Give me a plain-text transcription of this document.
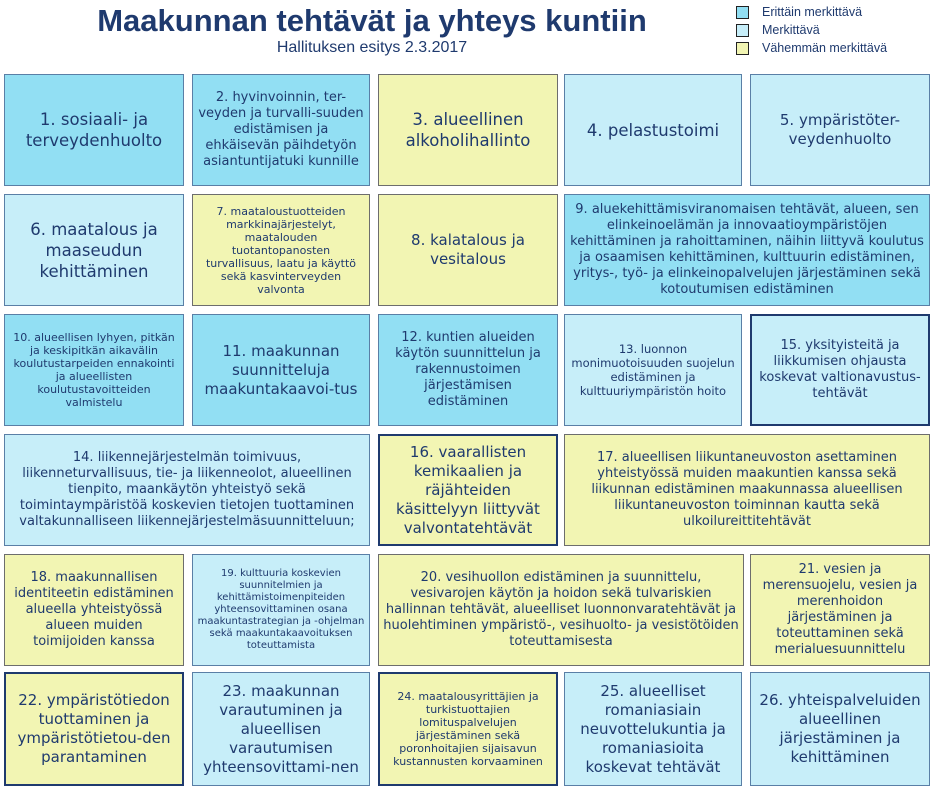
Maakunnan tehtävät ja yhteys kuntiin
Hallituksen esitys 2.3.2017
Erittäin merkittävä
Merkittävä
Vähemmän merkittävä
1. sosiaali- ja terveydenhuolto
2. hyvinvoinnin, ter-veyden ja turvalli-suuden edistämisen ja ehkäisevän päihdetyön asiantuntijatuki kunnille
3. alueellinen alkoholihallinto
4. pelastustoimi
5. ympäristöter-veydenhuolto
6. maatalous ja maaseudun kehittäminen
7. maataloustuotteiden markkinajärjestelyt, maatalouden tuotantopanosten turvallisuus, laatu ja käyttö sekä kasvinterveyden valvonta
8. kalatalous ja vesitalous
9. aluekehittämisviranomaisen tehtävät, alueen, sen elinkeinoelämän ja innovaatioympäristöjen kehittäminen ja rahoittaminen, näihin liittyvä koulutus ja osaamisen kehittäminen, kulttuurin edistäminen, yritys-, työ- ja elinkeinopalvelujen järjestäminen sekä kotoutumisen edistäminen
10. alueellisen lyhyen, pitkän ja keskipitkän aikavälin koulutustarpeiden ennakointi ja alueellisten koulutustavoitteiden valmistelu
11. maakunnan suunnitteluja maakuntakaavoi-tus
12. kuntien alueiden käytön suunnittelun ja rakennustoimen järjestämisen edistäminen
13. luonnon monimuotoisuuden suojelun edistäminen ja kulttuuriympäristön hoito
15. yksityisteitä ja liikkumisen ohjausta koskevat valtionavustus-tehtävät
14. liikennejärjestelmän toimivuus, liikenneturvallisuus, tie- ja liikenneolot, alueellinen tienpito, maankäytön yhteistyö sekä toimintaympäristöä koskevien tietojen tuottaminen valtakunnalliseen liikennejärjestelmäsuunnitteluun;
16. vaarallisten kemikaalien ja räjähteiden käsittelyyn liittyvät valvontatehtävät
17. alueellisen liikuntaneuvoston asettaminen yhteistyössä muiden maakuntien kanssa sekä liikunnan edistäminen maakunnassa alueellisen liikuntaneuvoston toiminnan kautta sekä ulkoilureittitehtävät
18. maakunnallisen identiteetin edistäminen alueella yhteistyössä alueen muiden toimijoiden kanssa
19. kulttuuria koskevien suunnitelmien ja kehittämistoimenpiteiden yhteensovittaminen osana maakuntastrategian ja -ohjelman sekä maakuntakaavoituksen toteuttamista
20. vesihuollon edistäminen ja suunnittelu, vesivarojen käytön ja hoidon sekä tulvariskien hallinnan tehtävät, alueelliset luonnonvaratehtävät ja huolehtiminen ympäristö-, vesihuolto- ja vesistötöiden toteuttamisesta
21. vesien ja merensuojelu, vesien ja merenhoidon järjestäminen ja toteuttaminen sekä merialuesuunnittelu
22. ympäristötiedon tuottaminen ja ympäristötietou-den parantaminen
23. maakunnan varautuminen ja alueellisen varautumisen yhteensovittami-nen
24. maatalousyrittäjien ja turkistuottajien lomituspalvelujen järjestäminen sekä poronhoitajien sijaisavun kustannusten korvaaminen
25. alueelliset romaniasiain neuvottelukuntia ja romaniasioita koskevat tehtävät
26. yhteispalveluiden alueellinen järjestäminen ja kehittäminen
